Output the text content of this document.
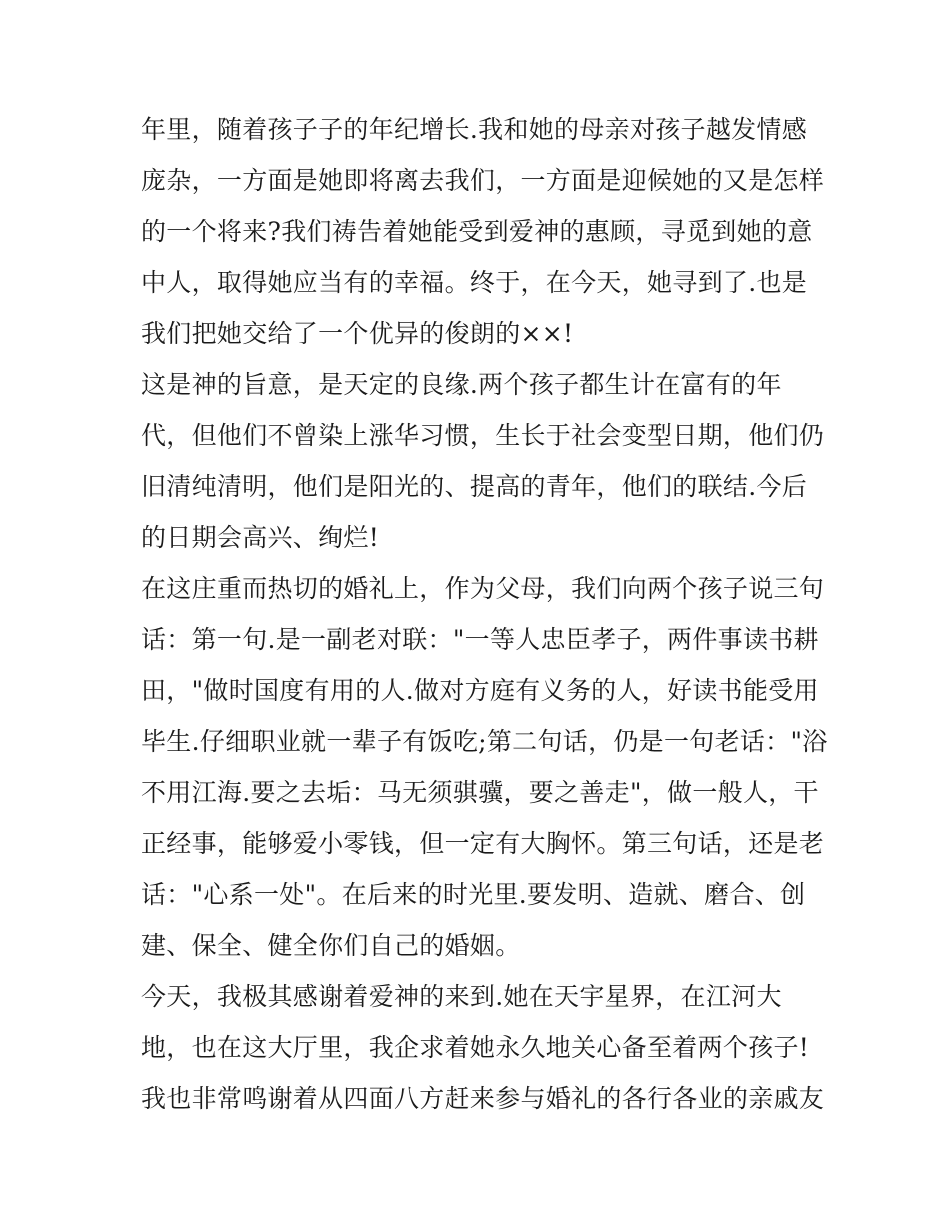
年里，随着孩子子的年纪增长.我和她的母亲对孩子越发情感
庞杂，一方面是她即将离去我们，一方面是迎候她的又是怎样
的一个将来?我们祷告着她能受到爱神的惠顾，寻觅到她的意
中人，取得她应当有的幸福。终于，在今天，她寻到了.也是
我们把她交给了一个优异的俊朗的××!
这是神的旨意，是天定的良缘.两个孩子都生计在富有的年
代，但他们不曾染上涨华习惯，生长于社会变型日期，他们仍
旧清纯清明，他们是阳光的、提高的青年，他们的联结.今后
的日期会高兴、绚烂!
在这庄重而热切的婚礼上，作为父母，我们向两个孩子说三句
话：第一句.是一副老对联："一等人忠臣孝子，两件事读书耕
田，"做时国度有用的人.做对方庭有义务的人，好读书能受用
毕生.仔细职业就一辈子有饭吃;第二句话，仍是一句老话："浴
不用江海.要之去垢：马无须骐骥，要之善走"，做一般人，干
正经事，能够爱小零钱，但一定有大胸怀。第三句话，还是老
话："心系一处"。在后来的时光里.要发明、造就、磨合、创
建、保全、健全你们自己的婚姻。
今天，我极其感谢着爱神的来到.她在天宇星界，在江河大
地，也在这大厅里，我企求着她永久地关心备至着两个孩子!
我也非常鸣谢着从四面八方赶来参与婚礼的各行各业的亲戚友
